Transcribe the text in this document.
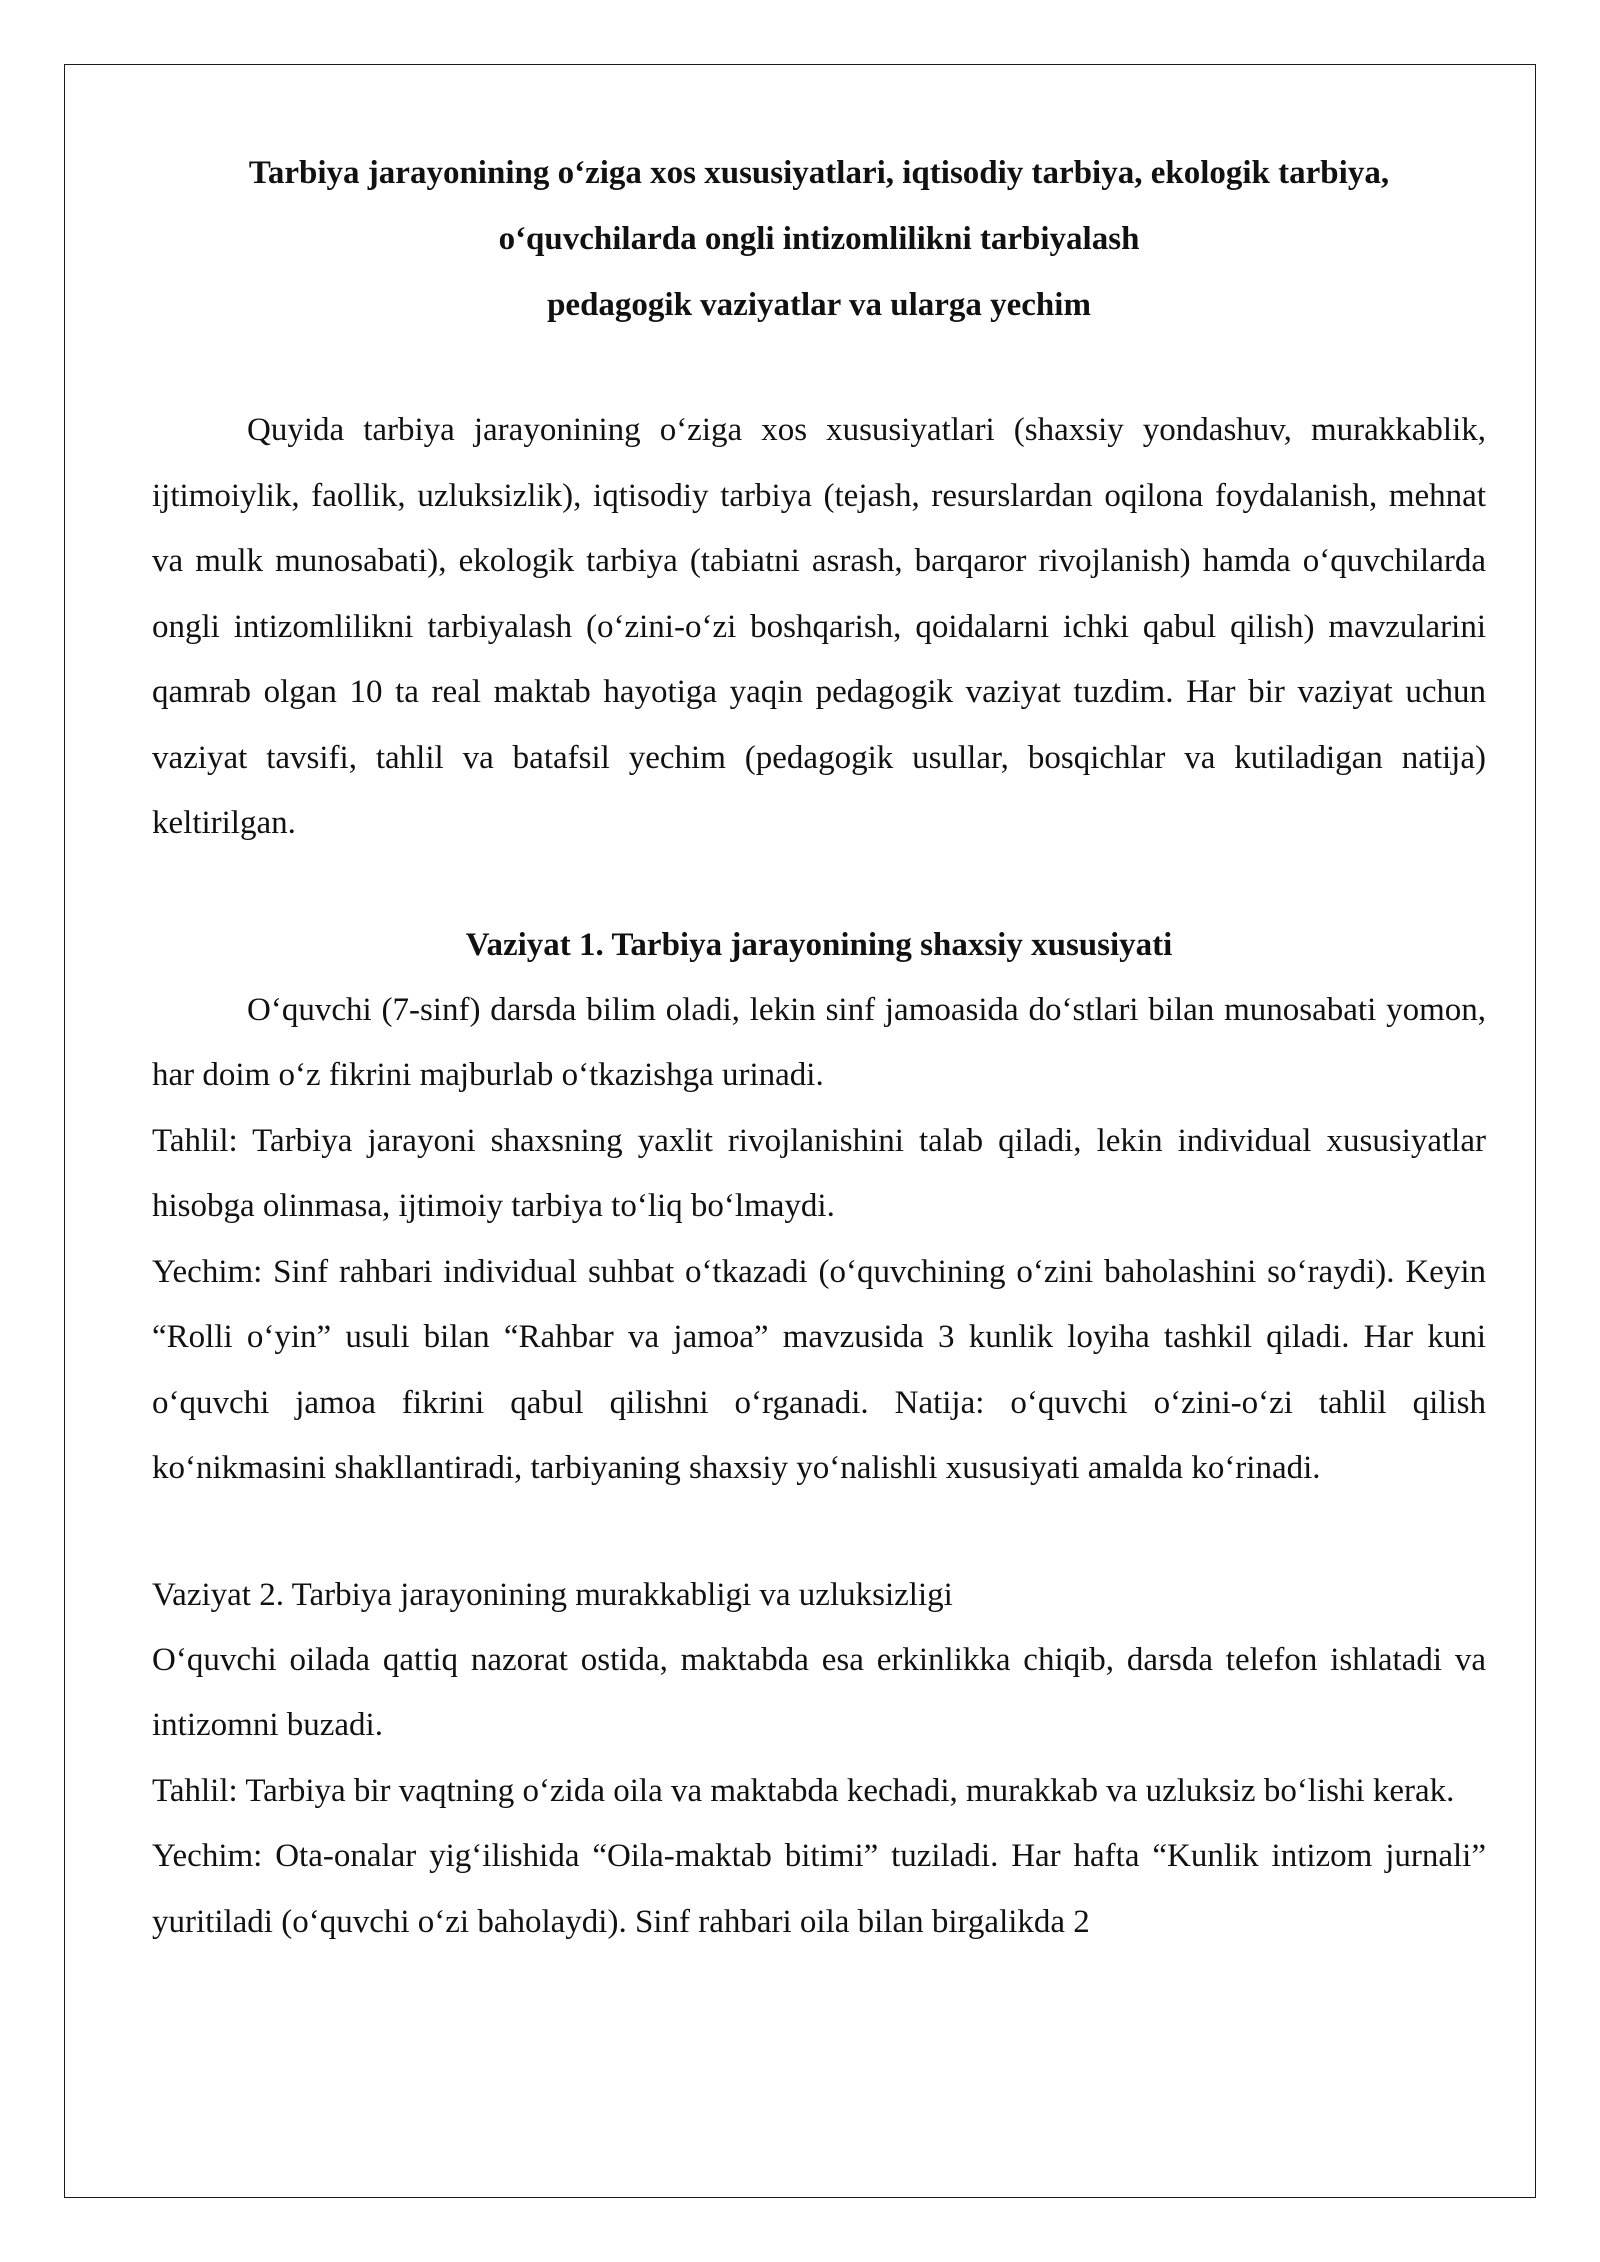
Tarbiya jarayonining oʻziga xos xususiyatlari, iqtisodiy tarbiya, ekologik tarbiya,
oʻquvchilarda ongli intizomlilikni tarbiyalash
pedagogik vaziyatlar va ularga yechim

Quyida tarbiya jarayonining oʻziga xos xususiyatlari (shaxsiy yondashuv, murakkablik, ijtimoiylik, faollik, uzluksizlik), iqtisodiy tarbiya (tejash, resurslardan oqilona foydalanish, mehnat va mulk munosabati), ekologik tarbiya (tabiatni asrash, barqaror rivojlanish) hamda oʻquvchilarda ongli intizomlilikni tarbiyalash (oʻzini-oʻzi boshqarish, qoidalarni ichki qabul qilish) mavzularini qamrab olgan 10 ta real maktab hayotiga yaqin pedagogik vaziyat tuzdim. Har bir vaziyat uchun vaziyat tavsifi, tahlil va batafsil yechim (pedagogik usullar, bosqichlar va kutiladigan natija) keltirilgan.

Vaziyat 1. Tarbiya jarayonining shaxsiy xususiyati

Oʻquvchi (7-sinf) darsda bilim oladi, lekin sinf jamoasida doʻstlari bilan munosabati yomon, har doim oʻz fikrini majburlab oʻtkazishga urinadi.

Tahlil: Tarbiya jarayoni shaxsning yaxlit rivojlanishini talab qiladi, lekin individual xususiyatlar hisobga olinmasa, ijtimoiy tarbiya toʻliq boʻlmaydi.

Yechim: Sinf rahbari individual suhbat oʻtkazadi (oʻquvchining oʻzini baholashini soʻraydi). Keyin “Rolli oʻyin” usuli bilan “Rahbar va jamoa” mavzusida 3 kunlik loyiha tashkil qiladi. Har kuni oʻquvchi jamoa fikrini qabul qilishni oʻrganadi. Natija: oʻquvchi oʻzini-oʻzi tahlil qilish koʻnikmasini shakllantiradi, tarbiyaning shaxsiy yoʻnalishli xususiyati amalda koʻrinadi.

Vaziyat 2. Tarbiya jarayonining murakkabligi va uzluksizligi

Oʻquvchi oilada qattiq nazorat ostida, maktabda esa erkinlikka chiqib, darsda telefon ishlatadi va intizomni buzadi.

Tahlil: Tarbiya bir vaqtning oʻzida oila va maktabda kechadi, murakkab va uzluksiz boʻlishi kerak.

Yechim: Ota-onalar yigʻilishida “Oila-maktab bitimi” tuziladi. Har hafta “Kunlik intizom jurnali” yuritiladi (oʻquvchi oʻzi baholaydi). Sinf rahbari oila bilan birgalikda 2
